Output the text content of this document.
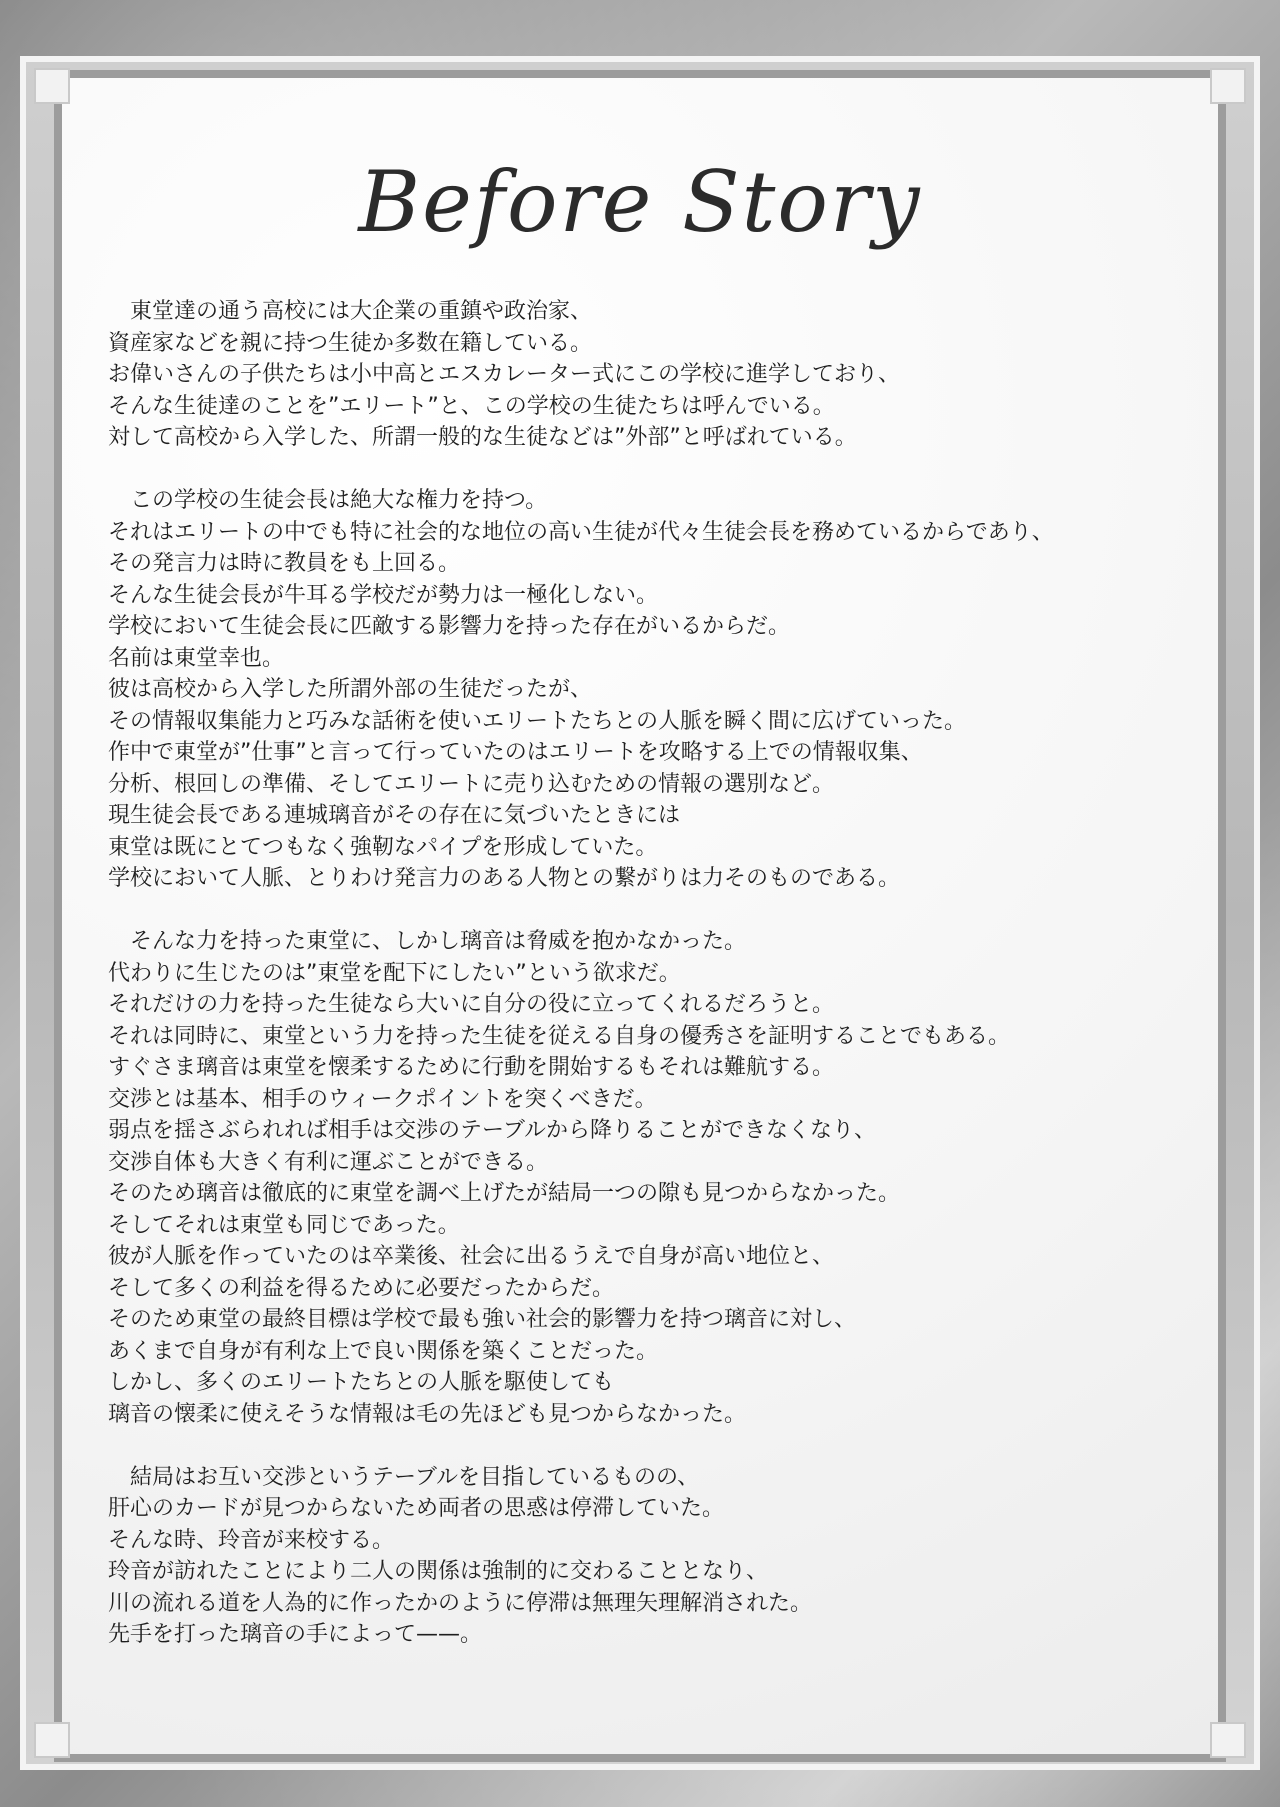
Before Story
　東堂達の通う高校には大企業の重鎮や政治家、
資産家などを親に持つ生徒か多数在籍している。
お偉いさんの子供たちは小中高とエスカレーター式にこの学校に進学しており、
そんな生徒達のことを”エリート”と、この学校の生徒たちは呼んでいる。
対して高校から入学した、所謂一般的な生徒などは”外部”と呼ばれている。
　この学校の生徒会長は絶大な権力を持つ。
それはエリートの中でも特に社会的な地位の高い生徒が代々生徒会長を務めているからであり、
その発言力は時に教員をも上回る。
そんな生徒会長が牛耳る学校だが勢力は一極化しない。
学校において生徒会長に匹敵する影響力を持った存在がいるからだ。
名前は東堂幸也。
彼は高校から入学した所謂外部の生徒だったが、
その情報収集能力と巧みな話術を使いエリートたちとの人脈を瞬く間に広げていった。
作中で東堂が”仕事”と言って行っていたのはエリートを攻略する上での情報収集、
分析、根回しの準備、そしてエリートに売り込むための情報の選別など。
現生徒会長である連城璃音がその存在に気づいたときには
東堂は既にとてつもなく強靭なパイプを形成していた。
学校において人脈、とりわけ発言力のある人物との繋がりは力そのものである。
　そんな力を持った東堂に、しかし璃音は脅威を抱かなかった。
代わりに生じたのは”東堂を配下にしたい”という欲求だ。
それだけの力を持った生徒なら大いに自分の役に立ってくれるだろうと。
それは同時に、東堂という力を持った生徒を従える自身の優秀さを証明することでもある。
すぐさま璃音は東堂を懐柔するために行動を開始するもそれは難航する。
交渉とは基本、相手のウィークポイントを突くべきだ。
弱点を揺さぶられれば相手は交渉のテーブルから降りることができなくなり、
交渉自体も大きく有利に運ぶことができる。
そのため璃音は徹底的に東堂を調べ上げたが結局一つの隙も見つからなかった。
そしてそれは東堂も同じであった。
彼が人脈を作っていたのは卒業後、社会に出るうえで自身が高い地位と、
そして多くの利益を得るために必要だったからだ。
そのため東堂の最終目標は学校で最も強い社会的影響力を持つ璃音に対し、
あくまで自身が有利な上で良い関係を築くことだった。
しかし、多くのエリートたちとの人脈を駆使しても
璃音の懐柔に使えそうな情報は毛の先ほども見つからなかった。
　結局はお互い交渉というテーブルを目指しているものの、
肝心のカードが見つからないため両者の思惑は停滞していた。
そんな時、玲音が来校する。
玲音が訪れたことにより二人の関係は強制的に交わることとなり、
川の流れる道を人為的に作ったかのように停滞は無理矢理解消された。
先手を打った璃音の手によって——。
